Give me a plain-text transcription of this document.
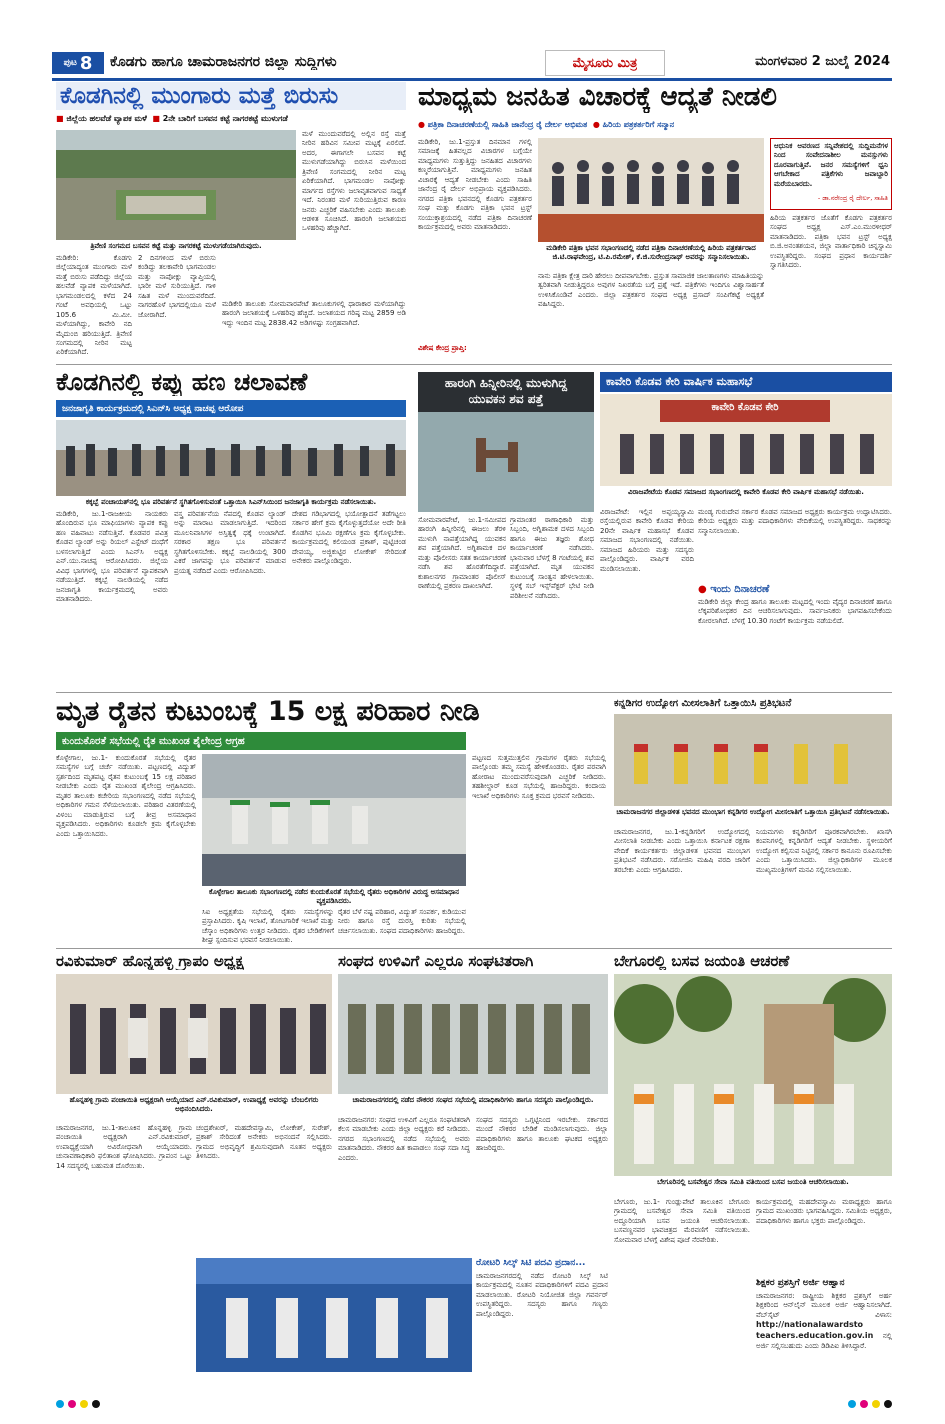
ಪುಟ 8 ಕೊಡಗು ಹಾಗೂ ಚಾಮರಾಜನಗರ ಜಿಲ್ಲಾ ಸುದ್ದಿಗಳು	ಮೈಸೂರು ಮಿತ್ರ	ಮಂಗಳವಾರ 2 ಜುಲೈ 2024
ಕೊಡಗಿನಲ್ಲಿ ಮುಂಗಾರು ಮತ್ತೆ ಬಿರುಸು
■ ಜಿಲ್ಲೆಯ ಹಲವೆಡೆ ವ್ಯಾಪಕ ಮಳೆ ■ 2ನೇ ಬಾರಿಗೆ ಬಸವನ ಕಟ್ಟೆ ನಾಗರಕಟ್ಟೆ ಮುಳುಗಡೆ
ಮಳೆ ಮುಂದುವರೆದಲ್ಲಿ ಅಲ್ಲಿನ ರಸ್ತೆ ಮತ್ತೆ ನೀರಿನ ಹರಿವಿನ ಸಮೀಪ ಮಟ್ಟಕ್ಕೆ ಏರಲಿದೆ. ಅದರ, ಈಗಾಗಲೇ ಬಸವನ ಕಟ್ಟೆ ಮುಳುಗಡೆಯಾಗಿದ್ದು ಬಿರುಸಿನ ಮಳೆಯಿಂದ ತ್ರಿವೇಣಿ ಸಂಗಮದಲ್ಲಿ ನೀರಿನ ಮಟ್ಟ ಏರಿಕೆಯಾಗಿದೆ. ಭಾಗಮಂಡಲ ನಾಪೋಕ್ಲು ಮಾರ್ಗದ ರಸ್ತೆಗಳು ಜಲಾವೃತವಾಗುವ ಸಾಧ್ಯತೆ ಇದೆ. ನಿರಂತರ ಮಳೆ ಸುರಿಯುತ್ತಿರುವ ಕಾರಣ ಜನರು ಎಚ್ಚರಿಕೆ ವಹಿಸಬೇಕು ಎಂದು ತಾಲೂಕು ಆಡಳಿತ ಸೂಚಿಸಿದೆ. ಹಾರಂಗಿ ಜಲಾಶಯದ ಒಳಹರಿವು ಹೆಚ್ಚಾಗಿದೆ.
ತ್ರಿವೇಣಿ ಸಂಗಮದ ಬಸವನ ಕಟ್ಟೆ ಮತ್ತು ನಾಗರಕಟ್ಟೆ ಮುಳುಗಡೆಯಾಗಿರುವುದು.
ಮಡಿಕೇರಿ: ಕೊಡಗು ಜಿಲ್ಲೆಯಾದ್ಯಂತ ಮುಂಗಾರು ಮಳೆ ಮತ್ತೆ ಬಿರುಸು ಪಡೆದಿದ್ದು ಜಿಲ್ಲೆಯ ಹಲವೆಡೆ ವ್ಯಾಪಕ ಮಳೆಯಾಗಿದೆ. ಭಾಗಮಂಡಲದಲ್ಲಿ ಕಳೆದ 24 ಗಂಟೆ ಅವಧಿಯಲ್ಲಿ ಒಟ್ಟು 105.6 ಮಿ.ಮೀ. ಮಳೆಯಾಗಿದ್ದು, ಕಾವೇರಿ ನದಿ ಮೈದುಂಬಿ ಹರಿಯುತ್ತಿದೆ. ತ್ರಿವೇಣಿ ಸಂಗಮದಲ್ಲಿ ನೀರಿನ ಮಟ್ಟ ಏರಿಕೆಯಾಗಿದೆ.
2 ದಿನಗಳಿಂದ ಮಳೆ ಬಿರುಸು ಕಂಡಿದ್ದು ತಲಕಾವೇರಿ ಭಾಗಮಂಡಲ ಮತ್ತು ನಾಪೋಕ್ಲು ವ್ಯಾಪ್ತಿಯಲ್ಲಿ ಭಾರೀ ಮಳೆ ಸುರಿಯುತ್ತಿದೆ. ಗಾಳಿ ಸಹಿತ ಮಳೆ ಮುಂದುವರೆದಿದೆ. ನಾಗರಹೊಳೆ ಭಾಗದಲ್ಲಿಯೂ ಮಳೆ ಜೋರಾಗಿದೆ.
ಮಡಿಕೇರಿ ತಾಲೂಕು ಸೋಮವಾರಪೇಟೆ ತಾಲೂಕುಗಳಲ್ಲಿ ಧಾರಾಕಾರ ಮಳೆಯಾಗಿದ್ದು ಹಾರಂಗಿ ಜಲಾಶಯಕ್ಕೆ ಒಳಹರಿವು ಹೆಚ್ಚಿದೆ. ಜಲಾಶಯದ ಗರಿಷ್ಠ ಮಟ್ಟ 2859 ಅಡಿ ಇದ್ದು ಇಂದಿನ ಮಟ್ಟ 2838.42 ಅಡಿಗಳಷ್ಟು ಸಂಗ್ರಹವಾಗಿದೆ.
ಮಾಧ್ಯಮ ಜನಹಿತ ವಿಚಾರಕ್ಕೆ ಆದ್ಯತೆ ನೀಡಲಿ
● ಪತ್ರಿಕಾ ದಿನಾಚರಣೆಯಲ್ಲಿ ಸಾಹಿತಿ ಜಾನೆಂದ್ರ ರೈ ದೇರ್ಲ ಅಭಿಮತ ● ಹಿರಿಯ ಪತ್ರಕರ್ತರಿಗೆ ಸನ್ಮಾನ
ಮಡಿಕೇರಿ, ಜು.1-ಪ್ರಸ್ತುತ ದಿನಮಾನ ಗಳಲ್ಲಿ ಸಮಾಜಕ್ಕೆ ಹಿತವಲ್ಲದ ವಿಚಾರಗಳ ಬಗ್ಗೆಯೇ ಮಾಧ್ಯಮಗಳು ಸುತ್ತುತ್ತಿದ್ದು ಜನಹಿತದ ವಿಚಾರಗಳು ಕಣ್ಮರೆಯಾಗುತ್ತಿವೆ. ಮಾಧ್ಯಮಗಳು ಜನಹಿತ ವಿಚಾರಕ್ಕೆ ಆದ್ಯತೆ ನೀಡಬೇಕು ಎಂದು ಸಾಹಿತಿ ಜಾನೆಂದ್ರ ರೈ ದೇರ್ಲ ಅಭಿಪ್ರಾಯ ವ್ಯಕ್ತಪಡಿಸಿದರು. ನಗರದ ಪತ್ರಿಕಾ ಭವನದಲ್ಲಿ ಕೊಡಗು ಪತ್ರಕರ್ತರ ಸಂಘ ಮತ್ತು ಕೊಡಗು ಪತ್ರಿಕಾ ಭವನ ಟ್ರಸ್ಟ್ ಸಂಯುಕ್ತಾಶ್ರಯದಲ್ಲಿ ನಡೆದ ಪತ್ರಿಕಾ ದಿನಾಚರಣೆ ಕಾರ್ಯಕ್ರಮದಲ್ಲಿ ಅವರು ಮಾತನಾಡಿದರು.
ವಿಶೇಷ ಕೇಂದ್ರ ಪ್ರಾಪ್ತಿ:
ಮಡಿಕೇರಿ ಪತ್ರಿಕಾ ಭವನ ಸಭಾಂಗಣದಲ್ಲಿ ನಡೆದ ಪತ್ರಿಕಾ ದಿನಾಚರಣೆಯಲ್ಲಿ ಹಿರಿಯ ಪತ್ರಕರ್ತರಾದ ಜಿ.ಟಿ.ರಾಘವೇಂದ್ರ, ಟಿ.ಪಿ.ರಮೇಶ್, ಕೆ.ಜಿ.ಸುರೇಂದ್ರನಾಥ್ ಅವರನ್ನು ಸನ್ಮಾನಿಸಲಾಯಿತು.
ನಾನು ಪತ್ರಿಕಾ ಕ್ಷೇತ್ರ ದಾರಿ ಹೇರಲು ದೀಪವಾಗಬೇಕು. ಪ್ರಸ್ತುತ ಸಾಮಾಜಿಕ ಜಾಲತಾಣಗಳು ಮಾಹಿತಿಯನ್ನು ತ್ವರಿತವಾಗಿ ನೀಡುತ್ತಿದ್ದರೂ ಅವುಗಳ ನಿಖರತೆಯ ಬಗ್ಗೆ ಪ್ರಶ್ನೆ ಇದೆ. ಪತ್ರಿಕೆಗಳು ಇಂದಿಗೂ ವಿಶ್ವಾಸಾರ್ಹತೆ ಉಳಿಸಿಕೊಂಡಿವೆ ಎಂದರು. ಜಿಲ್ಲಾ ಪತ್ರಕರ್ತರ ಸಂಘದ ಅಧ್ಯಕ್ಷ ಪ್ರಸಾದ್ ಸಂಪಿಗೆಕಟ್ಟೆ ಅಧ್ಯಕ್ಷತೆ ವಹಿಸಿದ್ದರು.
ಆಧುನಿಕ ಆವರಣದ ಸನ್ನಿವೇಶದಲ್ಲಿ ಸುದ್ದಿಮನೆಗಳ ನಿಂದ ಸಂವೇದನಾಶೀಲ ಮನಸ್ಸುಗಳು ದೂರವಾಗುತ್ತಿವೆ. ಜನರ ಸಮಸ್ಯೆಗಳಿಗೆ ಧ್ವನಿ ಆಗಬೇಕಾದ ಪತ್ರಿಕೆಗಳು ಜವಾಬ್ದಾರಿ ಮರೆಯಬಾರದು.
- ಡಾ.ನರೇಂದ್ರ ರೈ ದೇರ್ಲ, ಸಾಹಿತಿ
ಹಿರಿಯ ಪತ್ರಕರ್ತರ ಜೊತೆಗೆ ಕೊಡಗು ಪತ್ರಕರ್ತರ ಸಂಘದ ಅಧ್ಯಕ್ಷ ಎಸ್.ಎಂ.ಮುರಳೀಧರ್ ಮಾತನಾಡಿದರು. ಪತ್ರಿಕಾ ಭವನ ಟ್ರಸ್ಟ್ ಅಧ್ಯಕ್ಷ ಬಿ.ಜಿ.ಅನಂತಶಯನ, ಜಿಲ್ಲಾ ವಾರ್ತಾಧಿಕಾರಿ ಚಿನ್ನಸ್ವಾಮಿ ಉಪಸ್ಥಿತರಿದ್ದರು. ಸಂಘದ ಪ್ರಧಾನ ಕಾರ್ಯದರ್ಶಿ ಸ್ವಾಗತಿಸಿದರು.
ಕೊಡಗಿನಲ್ಲಿ ಕಪ್ಪು ಹಣ ಚಲಾವಣೆ
ಜನಜಾಗೃತಿ ಕಾರ್ಯಕ್ರಮದಲ್ಲಿ ಸಿಎನ್‌ಸಿ ಅಧ್ಯಕ್ಷ ನಾಚಪ್ಪ ಆರೋಪ
ಕಕ್ಕಬ್ಬೆ ಪಂಚಾಯತ್‌ನಲ್ಲಿ ಭೂ ಪರಿವರ್ತನೆ ಸ್ಥಗಿತಗೊಳಿಸುವಂತೆ ಒತ್ತಾಯಿಸಿ ಸಿಎನ್‌ಸಿಯಿಂದ ಜನಜಾಗೃತಿ ಕಾರ್ಯಕ್ರಮ ನಡೆಸಲಾಯಿತು.
ಮಡಿಕೇರಿ, ಜು.1-ರಾಜಕೀಯ ನಾಯಕರು ಹೊಂದಿರುವ ಭೂ ಮಾಫಿಯಾಗಳು ವ್ಯಾಪಕ ಕಪ್ಪು ಹಣ ವಹಿವಾಟು ನಡೆಸುತ್ತಿವೆ. ಕೊಡವರ ಪವಿತ್ರ ಕೊಡವ ಲ್ಯಾಂಡ್ ಅನ್ನು ರಿಯಲ್ ಎಸ್ಟೇಟ್ ದಂಧೆಗೆ ಬಳಸಲಾಗುತ್ತಿದೆ ಎಂದು ಸಿಎನ್‌ಸಿ ಅಧ್ಯಕ್ಷ ಎನ್.ಯು.ನಾಚಪ್ಪ ಆರೋಪಿಸಿದರು. ಜಿಲ್ಲೆಯ ವಿವಿಧ ಭಾಗಗಳಲ್ಲಿ ಭೂ ಪರಿವರ್ತನೆ ವ್ಯಾಪಕವಾಗಿ ನಡೆಯುತ್ತಿದೆ. ಕಕ್ಕಬ್ಬೆ ನಾಲಡಿಯಲ್ಲಿ ನಡೆದ ಜನಜಾಗೃತಿ ಕಾರ್ಯಕ್ರಮದಲ್ಲಿ ಅವರು ಮಾತನಾಡಿದರು.
ವಸ್ತ್ರ ಪರಿವರ್ತನೆಯ ನೆಪದಲ್ಲಿ ಕೊಡವ ಲ್ಯಾಂಡ್ ಅನ್ನು ಮಾರಾಟ ಮಾಡಲಾಗುತ್ತಿದೆ. ಇದರಿಂದ ಮೂಲನಿವಾಸಿಗಳ ಅಸ್ತಿತ್ವಕ್ಕೆ ಧಕ್ಕೆ ಉಂಟಾಗಿದೆ. ಸರಕಾರ ತಕ್ಷಣ ಭೂ ಪರಿವರ್ತನೆ ಸ್ಥಗಿತಗೊಳಿಸಬೇಕು. ಕಕ್ಕಬ್ಬೆ ನಾಲಡಿಯಲ್ಲಿ 300 ಎಕರೆ ಜಾಗವನ್ನು ಭೂ ಪರಿವರ್ತನೆ ಮಾಡುವ ಪ್ರಯತ್ನ ನಡೆದಿದೆ ಎಂದು ಆರೋಪಿಸಿದರು.
ದೇಶದ ಗಡಿಭಾಗದಲ್ಲಿ ಭಯೋತ್ಪಾದನೆ ತಡೆಗಟ್ಟಲು ಸರ್ಕಾರ ಹೇಗೆ ಕ್ರಮ ಕೈಗೊಳ್ಳುತ್ತದೆಯೋ ಅದೇ ರೀತಿ ಕೊಡಗಿನ ಭೂಮಿ ರಕ್ಷಣೆಗೂ ಕ್ರಮ ಕೈಗೊಳ್ಳಬೇಕು. ಕಾರ್ಯಕ್ರಮದಲ್ಲಿ ಕಲಿಯಂಡ ಪ್ರಕಾಶ್, ಪುಟ್ಟಿಚಂಡ ದೇವಯ್ಯ, ಅಜ್ಜಿಕುಟ್ಟಿರ ಲೋಕೇಶ್ ಸೇರಿದಂತೆ ಅನೇಕರು ಪಾಲ್ಗೊಂಡಿದ್ದರು.
ಹಾರಂಗಿ ಹಿನ್ನೀರಿನಲ್ಲಿ ಮುಳುಗಿದ್ದ
ಯುವಕನ ಶವ ಪತ್ತೆ
ಸೋಮವಾರಪೇಟೆ, ಜು.1-ಸಮೀಪದ ಹಾರಂಗಿ ಹಿನ್ನೀರಿನಲ್ಲಿ ಈಜಲು ತೆರಳಿ ಮುಳುಗಿ ನಾಪತ್ತೆಯಾಗಿದ್ದ ಯುವಕನ ಶವ ಪತ್ತೆಯಾಗಿದೆ. ಅಗ್ನಿಶಾಮಕ ದಳ ಮತ್ತು ಪೊಲೀಸರು ಸತತ ಕಾರ್ಯಾಚರಣೆ ನಡೆಸಿ ಶವ ಹೊರತೆಗೆದಿದ್ದಾರೆ. ಕುಶಾಲನಗರ ಗ್ರಾಮಾಂತರ ಪೊಲೀಸ್ ಠಾಣೆಯಲ್ಲಿ ಪ್ರಕರಣ ದಾಖಲಾಗಿದೆ.
ಗ್ರಾಮಾಂತರ ಠಾಣಾಧಿಕಾರಿ ಮತ್ತು ಸಿಬ್ಬಂದಿ, ಅಗ್ನಿಶಾಮಕ ದಳದ ಸಿಬ್ಬಂದಿ ಹಾಗೂ ಈಜು ತಜ್ಞರು ಶೋಧ ಕಾರ್ಯಾಚರಣೆ ನಡೆಸಿದರು. ಭಾನುವಾರ ಬೆಳಗ್ಗೆ 8 ಗಂಟೆಯಲ್ಲಿ ಶವ ಪತ್ತೆಯಾಗಿದೆ. ಮೃತ ಯುವಕನ ಕುಟುಂಬಕ್ಕೆ ಸಾಂತ್ವನ ಹೇಳಲಾಯಿತು. ಸ್ಥಳಕ್ಕೆ ಸಬ್ ಇನ್ಸ್‌ಪೆಕ್ಟರ್ ಭೇಟಿ ನೀಡಿ ಪರಿಶೀಲನೆ ನಡೆಸಿದರು.
ಕಾವೇರಿ ಕೊಡವ ಕೇರಿ ವಾರ್ಷಿಕ ಮಹಾಸಭೆ
ಕಾವೇರಿ ಕೊಡವ ಕೇರಿ
ವಿರಾಜಪೇಟೆಯ ಕೊಡವ ಸಮಾಜದ ಸಭಾಂಗಣದಲ್ಲಿ ಕಾವೇರಿ ಕೊಡವ ಕೇರಿ ವಾರ್ಷಿಕ ಮಹಾಸಭೆ ನಡೆಯಿತು.
ವಿರಾಜಪೇಟೆ: ಇಲ್ಲಿನ ಅಪ್ಪಯ್ಯಸ್ವಾಮಿ ರಸ್ತೆಯಲ್ಲಿರುವ ಕಾವೇರಿ ಕೊಡವ ಕೇರಿಯ 20ನೇ ವಾರ್ಷಿಕ ಮಹಾಸಭೆ ಕೊಡವ ಸಮಾಜದ ಸಭಾಂಗಣದಲ್ಲಿ ನಡೆಯಿತು. ಸಮಾಜದ ಹಿರಿಯರು ಮತ್ತು ಸದಸ್ಯರು ಪಾಲ್ಗೊಂಡಿದ್ದರು. ವಾರ್ಷಿಕ ವರದಿ ಮಂಡಿಸಲಾಯಿತು.
ಮಂಡ್ಯ ಗುರುದೇವ ಸರ್ಕಾರ ಕೊಡವ ಸಮಾಜದ ಅಧ್ಯಕ್ಷರು ಕಾರ್ಯಕ್ರಮ ಉದ್ಘಾಟಿಸಿದರು. ಕೇರಿಯ ಅಧ್ಯಕ್ಷರು ಮತ್ತು ಪದಾಧಿಕಾರಿಗಳು ವೇದಿಕೆಯಲ್ಲಿ ಉಪಸ್ಥಿತರಿದ್ದರು. ಸಾಧಕರನ್ನು ಸನ್ಮಾನಿಸಲಾಯಿತು.
● ಇಂದು ದಿನಾಚರಣೆ
ಮಡಿಕೇರಿ ಜಿಲ್ಲಾ ಕೇಂದ್ರ ಹಾಗೂ ತಾಲೂಕು ಮಟ್ಟದಲ್ಲಿ ಇಂದು ವೈದ್ಯರ ದಿನಾಚರಣೆ ಹಾಗೂ ಲೆಕ್ಕಪರಿಶೋಧಕರ ದಿನ ಆಚರಿಸಲಾಗುವುದು. ಸಾರ್ವಜನಿಕರು ಭಾಗವಹಿಸಬೇಕೆಂದು ಕೋರಲಾಗಿದೆ. ಬೆಳಗ್ಗೆ 10.30 ಗಂಟೆಗೆ ಕಾರ್ಯಕ್ರಮ ನಡೆಯಲಿದೆ.
ಮೃತ ರೈತನ ಕುಟುಂಬಕ್ಕೆ 15 ಲಕ್ಷ ಪರಿಹಾರ ನೀಡಿ
ಕುಂದುಕೊರತೆ ಸಭೆಯಲ್ಲಿ ರೈತ ಮುಖಂಡ ಶೈಲೇಂದ್ರ ಆಗ್ರಹ
ಕೊಳ್ಳೇಗಾಲ, ಜು.1- ಕುಂದುಕೊರತೆ ಸಭೆಯಲ್ಲಿ ರೈತರ ಸಮಸ್ಯೆಗಳ ಬಗ್ಗೆ ಚರ್ಚೆ ನಡೆಯಿತು. ಪಟ್ಟಣದಲ್ಲಿ ವಿದ್ಯುತ್ ಸ್ಪರ್ಶದಿಂದ ಮೃತಪಟ್ಟ ರೈತನ ಕುಟುಂಬಕ್ಕೆ 15 ಲಕ್ಷ ಪರಿಹಾರ ನೀಡಬೇಕು ಎಂದು ರೈತ ಮುಖಂಡ ಶೈಲೇಂದ್ರ ಆಗ್ರಹಿಸಿದರು. ಮೃತರ ತಾಲೂಕು ಕಚೇರಿಯ ಸಭಾಂಗಣದಲ್ಲಿ ನಡೆದ ಸಭೆಯಲ್ಲಿ ಅಧಿಕಾರಿಗಳ ಗಮನ ಸೆಳೆಯಲಾಯಿತು. ಪರಿಹಾರ ವಿತರಣೆಯಲ್ಲಿ ವಿಳಂಬ ಮಾಡುತ್ತಿರುವ ಬಗ್ಗೆ ತೀವ್ರ ಅಸಮಾಧಾನ ವ್ಯಕ್ತಪಡಿಸಿದರು. ಅಧಿಕಾರಿಗಳು ಕೂಡಲೇ ಕ್ರಮ ಕೈಗೊಳ್ಳಬೇಕು ಎಂದು ಒತ್ತಾಯಿಸಿದರು.
ಕೊಳ್ಳೇಗಾಲ ತಾಲೂಕು ಸಭಾಂಗಣದಲ್ಲಿ ನಡೆದ ಕುಂದುಕೊರತೆ ಸಭೆಯಲ್ಲಿ ರೈತರು ಅಧಿಕಾರಿಗಳ ವಿರುದ್ಧ ಅಸಮಾಧಾನ ವ್ಯಕ್ತಪಡಿಸಿದರು.
ಸಿಐ ಅಧ್ಯಕ್ಷತೆಯ ಸಭೆಯಲ್ಲಿ ರೈತರು ಸಮಸ್ಯೆಗಳನ್ನು ಪ್ರಸ್ತಾಪಿಸಿದರು. ಕೃಷಿ ಇಲಾಖೆ, ತೋಟಗಾರಿಕೆ ಇಲಾಖೆ ಮತ್ತು ಚೆಸ್ಕಾಂ ಅಧಿಕಾರಿಗಳು ಉತ್ತರ ನೀಡಿದರು. ರೈತರ ಬೇಡಿಕೆಗಳಿಗೆ ಶೀಘ್ರ ಸ್ಪಂದಿಸುವ ಭರವಸೆ ನೀಡಲಾಯಿತು.
ರೈತರ ಬೆಳೆ ನಷ್ಟ ಪರಿಹಾರ, ವಿದ್ಯುತ್ ಸಂಪರ್ಕ, ಕುಡಿಯುವ ನೀರು ಹಾಗೂ ರಸ್ತೆ ದುರಸ್ತಿ ಕುರಿತು ಸಭೆಯಲ್ಲಿ ಚರ್ಚಿಸಲಾಯಿತು. ಸಂಘದ ಪದಾಧಿಕಾರಿಗಳು ಹಾಜರಿದ್ದರು.
ಪಟ್ಟಣದ ಸುತ್ತಮುತ್ತಲಿನ ಗ್ರಾಮಗಳ ರೈತರು ಸಭೆಯಲ್ಲಿ ಪಾಲ್ಗೊಂಡು ತಮ್ಮ ಸಮಸ್ಯೆ ಹೇಳಿಕೊಂಡರು. ರೈತರ ಪರವಾಗಿ ಹೋರಾಟ ಮುಂದುವರೆಸುವುದಾಗಿ ಎಚ್ಚರಿಕೆ ನೀಡಿದರು. ತಹಶೀಲ್ದಾರ್ ಕೂಡ ಸಭೆಯಲ್ಲಿ ಹಾಜರಿದ್ದರು. ಕಂದಾಯ ಇಲಾಖೆ ಅಧಿಕಾರಿಗಳು ಸೂಕ್ತ ಕ್ರಮದ ಭರವಸೆ ನೀಡಿದರು.
ಕನ್ನಡಿಗರ ಉದ್ಯೋಗ ಮೀಸಲಾತಿಗೆ ಒತ್ತಾಯಿಸಿ ಪ್ರತಿಭಟನೆ
ಚಾಮರಾಜನಗರ ಜಿಲ್ಲಾಡಳಿತ ಭವನದ ಮುಂಭಾಗ ಕನ್ನಡಿಗರ ಉದ್ಯೋಗ ಮೀಸಲಾತಿಗೆ ಒತ್ತಾಯಿಸಿ ಪ್ರತಿಭಟನೆ ನಡೆಸಲಾಯಿತು.
ಚಾಮರಾಜನಗರ, ಜು.1-ಕನ್ನಡಿಗರಿಗೆ ಉದ್ಯೋಗದಲ್ಲಿ ಮೀಸಲಾತಿ ನೀಡಬೇಕು ಎಂದು ಒತ್ತಾಯಿಸಿ ಕರ್ನಾಟಕ ರಕ್ಷಣಾ ವೇದಿಕೆ ಕಾರ್ಯಕರ್ತರು ಜಿಲ್ಲಾಡಳಿತ ಭವನದ ಮುಂಭಾಗ ಪ್ರತಿಭಟನೆ ನಡೆಸಿದರು. ಸರೋಜಿನಿ ಮಹಿಷಿ ವರದಿ ಜಾರಿಗೆ ತರಬೇಕು ಎಂದು ಆಗ್ರಹಿಸಿದರು.
ನಿಯಮಗಳು ಕನ್ನಡಿಗರಿಗೆ ಪೂರಕವಾಗಿರಬೇಕು. ಖಾಸಗಿ ಕಂಪನಿಗಳಲ್ಲಿ ಕನ್ನಡಿಗರಿಗೆ ಆದ್ಯತೆ ನೀಡಬೇಕು. ಸ್ಥಳೀಯರಿಗೆ ಉದ್ಯೋಗ ಕಲ್ಪಿಸುವ ನಿಟ್ಟಿನಲ್ಲಿ ಸರ್ಕಾರ ಕಾನೂನು ರೂಪಿಸಬೇಕು ಎಂದು ಒತ್ತಾಯಿಸಿದರು. ಜಿಲ್ಲಾಧಿಕಾರಿಗಳ ಮೂಲಕ ಮುಖ್ಯಮಂತ್ರಿಗಳಿಗೆ ಮನವಿ ಸಲ್ಲಿಸಲಾಯಿತು.
ರವಿಕುಮಾರ್ ಹೊನ್ನಹಳ್ಳಿ ಗ್ರಾಪಂ ಅಧ್ಯಕ್ಷ
ಹೊನ್ನಹಳ್ಳಿ ಗ್ರಾಮ ಪಂಚಾಯಿತಿ ಅಧ್ಯಕ್ಷರಾಗಿ ಆಯ್ಕೆಯಾದ ಎನ್.ರವಿಕುಮಾರ್, ಉಪಾಧ್ಯಕ್ಷೆ ಅವರನ್ನು ಬೆಂಬಲಿಗರು ಅಭಿನಂದಿಸಿದರು.
ಚಾಮರಾಜನಗರ, ಜು.1-ತಾಲೂಕಿನ ಹೊನ್ನಹಳ್ಳಿ ಗ್ರಾಮ ಪಂಚಾಯಿತಿ ಅಧ್ಯಕ್ಷರಾಗಿ ಎನ್.ರವಿಕುಮಾರ್, ಉಪಾಧ್ಯಕ್ಷೆಯಾಗಿ ಅವಿರೋಧವಾಗಿ ಆಯ್ಕೆಯಾದರು. ಚುನಾವಣಾಧಿಕಾರಿ ಫಲಿತಾಂಶ ಘೋಷಿಸಿದರು. ಗ್ರಾಪಂನ ಒಟ್ಟು 14 ಸದಸ್ಯರಲ್ಲಿ ಬಹುಮತ ದೊರೆಯಿತು.
ಚಂದ್ರಶೇಖರ್, ಮಹದೇವಸ್ವಾಮಿ, ಲೋಕೇಶ್, ಸುರೇಶ್, ಪ್ರಕಾಶ್ ಸೇರಿದಂತೆ ಅನೇಕರು ಅಭಿನಂದನೆ ಸಲ್ಲಿಸಿದರು. ಗ್ರಾಮದ ಅಭಿವೃದ್ಧಿಗೆ ಶ್ರಮಿಸುವುದಾಗಿ ನೂತನ ಅಧ್ಯಕ್ಷರು ತಿಳಿಸಿದರು.
ಸಂಘದ ಉಳಿವಿಗೆ ಎಲ್ಲರೂ ಸಂಘಟಿತರಾಗಿ
ಚಾಮರಾಜನಗರದಲ್ಲಿ ನಡೆದ ನೌಕರರ ಸಂಘದ ಸಭೆಯಲ್ಲಿ ಪದಾಧಿಕಾರಿಗಳು ಹಾಗೂ ಸದಸ್ಯರು ಪಾಲ್ಗೊಂಡಿದ್ದರು.
ಚಾಮರಾಜನಗರ: ಸಂಘದ ಉಳಿವಿಗೆ ಎಲ್ಲರೂ ಸಂಘಟಿತರಾಗಿ ಕೆಲಸ ಮಾಡಬೇಕು ಎಂದು ಜಿಲ್ಲಾ ಅಧ್ಯಕ್ಷರು ಕರೆ ನೀಡಿದರು. ನಗರದ ಸಭಾಂಗಣದಲ್ಲಿ ನಡೆದ ಸಭೆಯಲ್ಲಿ ಅವರು ಮಾತನಾಡಿದರು. ನೌಕರರ ಹಿತ ಕಾಪಾಡಲು ಸಂಘ ಸದಾ ಸಿದ್ಧ ಎಂದರು.
ಸಂಘದ ಸದಸ್ಯರು ಒಗ್ಗಟ್ಟಿನಿಂದ ಇರಬೇಕು. ಸರ್ಕಾರದ ಮುಂದೆ ನೌಕರರ ಬೇಡಿಕೆ ಮಂಡಿಸಲಾಗುವುದು. ಜಿಲ್ಲಾ ಪದಾಧಿಕಾರಿಗಳು ಹಾಗೂ ತಾಲೂಕು ಘಟಕದ ಅಧ್ಯಕ್ಷರು ಹಾಜರಿದ್ದರು.
ರೋಟರಿ ಸಿಲ್ಕ್ ಸಿಟಿ ಪದವಿ ಪ್ರದಾನ...
ಚಾಮರಾಜನಗರದಲ್ಲಿ ನಡೆದ ರೋಟರಿ ಸಿಲ್ಕ್ ಸಿಟಿ ಕಾರ್ಯಕ್ರಮದಲ್ಲಿ ನೂತನ ಪದಾಧಿಕಾರಿಗಳಿಗೆ ಪದವಿ ಪ್ರದಾನ ಮಾಡಲಾಯಿತು. ರೋಟರಿ ನಿಯೋಜಿತ ಜಿಲ್ಲಾ ಗವರ್ನರ್ ಉಪಸ್ಥಿತರಿದ್ದರು. ಸದಸ್ಯರು ಹಾಗೂ ಗಣ್ಯರು ಪಾಲ್ಗೊಂಡಿದ್ದರು.
ಬೇಗೂರಲ್ಲಿ ಬಸವ ಜಯಂತಿ ಆಚರಣೆ
ಬೇಗೂರಿನಲ್ಲಿ ಬಸವೇಶ್ವರ ಸೇವಾ ಸಮಿತಿ ವತಿಯಿಂದ ಬಸವ ಜಯಂತಿ ಆಚರಿಸಲಾಯಿತು.
ಬೇಗೂರು, ಜು.1- ಗುಂಡ್ಲುಪೇಟೆ ತಾಲೂಕಿನ ಬೇಗೂರು ಗ್ರಾಮದಲ್ಲಿ ಬಸವೇಶ್ವರ ಸೇವಾ ಸಮಿತಿ ವತಿಯಿಂದ ಅದ್ದೂರಿಯಾಗಿ ಬಸವ ಜಯಂತಿ ಆಚರಿಸಲಾಯಿತು. ಬಸವಣ್ಣನವರ ಭಾವಚಿತ್ರದ ಮೆರವಣಿಗೆ ನಡೆಸಲಾಯಿತು. ಸೋಮವಾರ ಬೆಳಗ್ಗೆ ವಿಶೇಷ ಪೂಜೆ ನೆರವೇರಿತು.
ಕಾರ್ಯಕ್ರಮದಲ್ಲಿ ಮಹದೇವಸ್ವಾಮಿ ಮಠಾಧ್ಯಕ್ಷರು ಹಾಗೂ ಗ್ರಾಮದ ಮುಖಂಡರು ಭಾಗವಹಿಸಿದ್ದರು. ಸಮಿತಿಯ ಅಧ್ಯಕ್ಷರು, ಪದಾಧಿಕಾರಿಗಳು ಹಾಗೂ ಭಕ್ತರು ಪಾಲ್ಗೊಂಡಿದ್ದರು.
ಶಿಕ್ಷಕರ ಪ್ರಶಸ್ತಿಗೆ ಅರ್ಜಿ ಆಹ್ವಾನ
ಚಾಮರಾಜನಗರ: ರಾಷ್ಟ್ರೀಯ ಶಿಕ್ಷಕರ ಪ್ರಶಸ್ತಿಗೆ ಅರ್ಹ ಶಿಕ್ಷಕರಿಂದ ಆನ್‌ಲೈನ್ ಮೂಲಕ ಅರ್ಜಿ ಆಹ್ವಾನಿಸಲಾಗಿದೆ. ವೆಬ್‌ಸೈಟ್ ವಿಳಾಸ: http://nationalawardsto teachers.education.gov.in ನಲ್ಲಿ ಅರ್ಜಿ ಸಲ್ಲಿಸಬಹುದು ಎಂದು ಡಿಡಿಪಿಐ ತಿಳಿಸಿದ್ದಾರೆ.
